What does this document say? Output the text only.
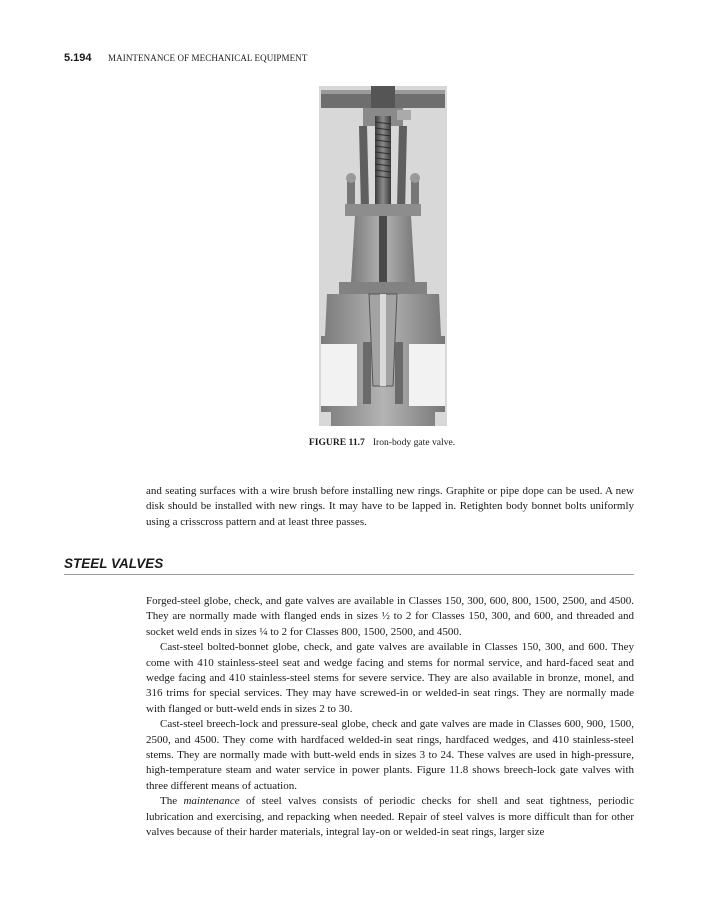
5.194 MAINTENANCE OF MECHANICAL EQUIPMENT
FIGURE 11.7 Iron-body gate valve.

and seating surfaces with a wire brush before installing new rings. Graphite or pipe dope can be used. A new disk should be installed with new rings. It may have to be lapped in. Retighten body bonnet bolts uniformly using a crisscross pattern and at least three passes.

STEEL VALVES

Forged-steel globe, check, and gate valves are available in Classes 150, 300, 600, 800, 1500, 2500, and 4500. They are normally made with flanged ends in sizes ½ to 2 for Classes 150, 300, and 600, and threaded and socket weld ends in sizes ¼ to 2 for Classes 800, 1500, 2500, and 4500.

Cast-steel bolted-bonnet globe, check, and gate valves are available in Classes 150, 300, and 600. They come with 410 stainless-steel seat and wedge facing and stems for normal service, and hard-faced seat and wedge facing and 410 stainless-steel stems for severe service. They are also available in bronze, monel, and 316 trims for special services. They may have screwed-in or welded-in seat rings. They are normally made with flanged or butt-weld ends in sizes 2 to 30.

Cast-steel breech-lock and pressure-seal globe, check and gate valves are made in Classes 600, 900, 1500, 2500, and 4500. They come with hardfaced welded-in seat rings, hardfaced wedges, and 410 stainless-steel stems. They are normally made with butt-weld ends in sizes 3 to 24. These valves are used in high-pressure, high-temperature steam and water service in power plants. Figure 11.8 shows breech-lock gate valves with three different means of actuation.

The maintenance of steel valves consists of periodic checks for shell and seat tightness, periodic lubrication and exercising, and repacking when needed. Repair of steel valves is more difficult than for other valves because of their harder materials, integral lay-on or welded-in seat rings, larger size
